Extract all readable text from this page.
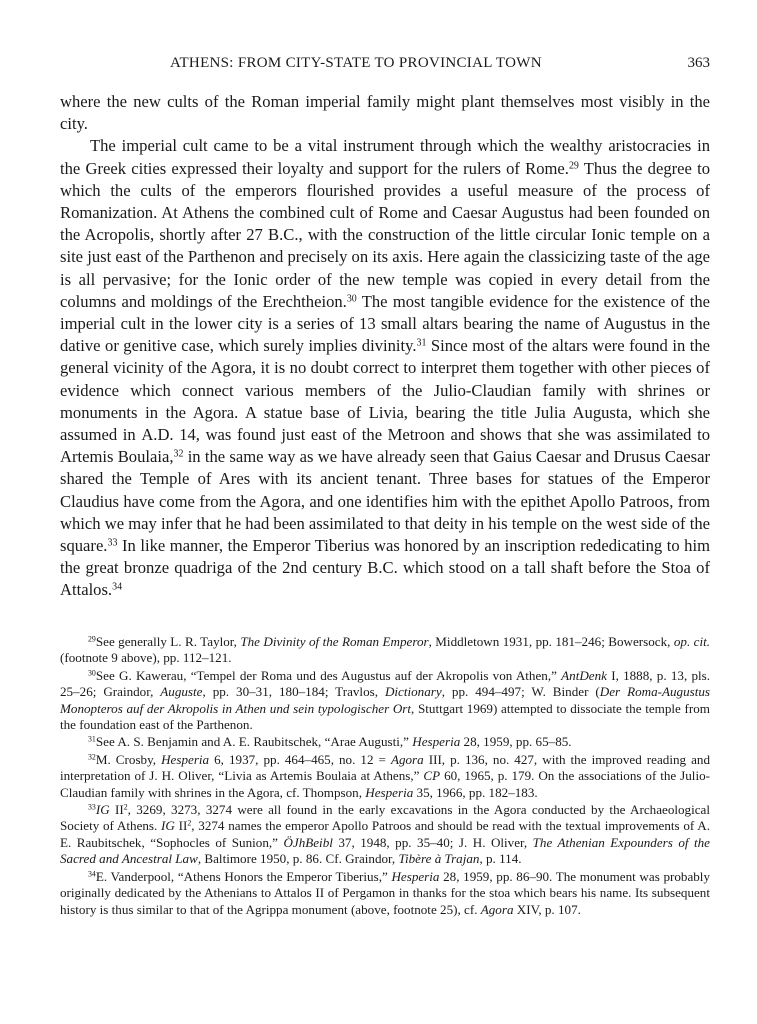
ATHENS: FROM CITY-STATE TO PROVINCIAL TOWN	363

where the new cults of the Roman imperial family might plant themselves most visibly in the city.

The imperial cult came to be a vital instrument through which the wealthy aristocracies in the Greek cities expressed their loyalty and support for the rulers of Rome.$^{29}$ Thus the degree to which the cults of the emperors flourished provides a useful measure of the process of Romanization. At Athens the combined cult of Rome and Caesar Augustus had been founded on the Acropolis, shortly after 27 B.C., with the construction of the little circular Ionic temple on a site just east of the Parthenon and precisely on its axis. Here again the classicizing taste of the age is all pervasive; for the Ionic order of the new temple was copied in every detail from the columns and moldings of the Erechtheion.$^{30}$ The most tangible evidence for the existence of the imperial cult in the lower city is a series of 13 small altars bearing the name of Augustus in the dative or genitive case, which surely implies divinity.$^{31}$ Since most of the altars were found in the general vicinity of the Agora, it is no doubt correct to interpret them together with other pieces of evidence which connect various members of the Julio-Claudian family with shrines or monuments in the Agora. A statue base of Livia, bearing the title Julia Augusta, which she assumed in A.D. 14, was found just east of the Metroon and shows that she was assimilated to Artemis Boulaia,$^{32}$ in the same way as we have already seen that Gaius Caesar and Drusus Caesar shared the Temple of Ares with its ancient tenant. Three bases for statues of the Emperor Claudius have come from the Agora, and one identifies him with the epithet Apollo Patroos, from which we may infer that he had been assimilated to that deity in his temple on the west side of the square.$^{33}$ In like manner, the Emperor Tiberius was honored by an inscription rededicating to him the great bronze quadriga of the 2nd century B.C. which stood on a tall shaft before the Stoa of Attalos.$^{34}$

$^{29}$See generally L. R. Taylor, The Divinity of the Roman Emperor, Middletown 1931, pp. 181–246; Bowersock, op. cit. (footnote 9 above), pp. 112–121.

$^{30}$See G. Kawerau, “Tempel der Roma und des Augustus auf der Akropolis von Athen,” AntDenk I, 1888, p. 13, pls. 25–26; Graindor, Auguste, pp. 30–31, 180–184; Travlos, Dictionary, pp. 494–497; W. Binder (Der Roma-Augustus Monopteros auf der Akropolis in Athen und sein typologischer Ort, Stuttgart 1969) attempted to dissociate the temple from the foundation east of the Parthenon.

$^{31}$See A. S. Benjamin and A. E. Raubitschek, “Arae Augusti,” Hesperia 28, 1959, pp. 65–85.

$^{32}$M. Crosby, Hesperia 6, 1937, pp. 464–465, no. 12 = Agora III, p. 136, no. 427, with the improved reading and interpretation of J. H. Oliver, “Livia as Artemis Boulaia at Athens,” CP 60, 1965, p. 179. On the associations of the Julio-Claudian family with shrines in the Agora, cf. Thompson, Hesperia 35, 1966, pp. 182–183.

$^{33}$IG $II^2$, 3269, 3273, 3274 were all found in the early excavations in the Agora conducted by the Archaeological Society of Athens. IG $II^2$, 3274 names the emperor Apollo Patroos and should be read with the textual improvements of A. E. Raubitschek, “Sophocles of Sunion,” ÖJhBeibl 37, 1948, pp. 35–40; J. H. Oliver, The Athenian Expounders of the Sacred and Ancestral Law, Baltimore 1950, p. 86. Cf. Graindor, Tibère à Trajan, p. 114.

$^{34}$E. Vanderpool, “Athens Honors the Emperor Tiberius,” Hesperia 28, 1959, pp. 86–90. The monument was probably originally dedicated by the Athenians to Attalos II of Pergamon in thanks for the stoa which bears his name. Its subsequent history is thus similar to that of the Agrippa monument (above, footnote 25), cf. Agora XIV, p. 107.
